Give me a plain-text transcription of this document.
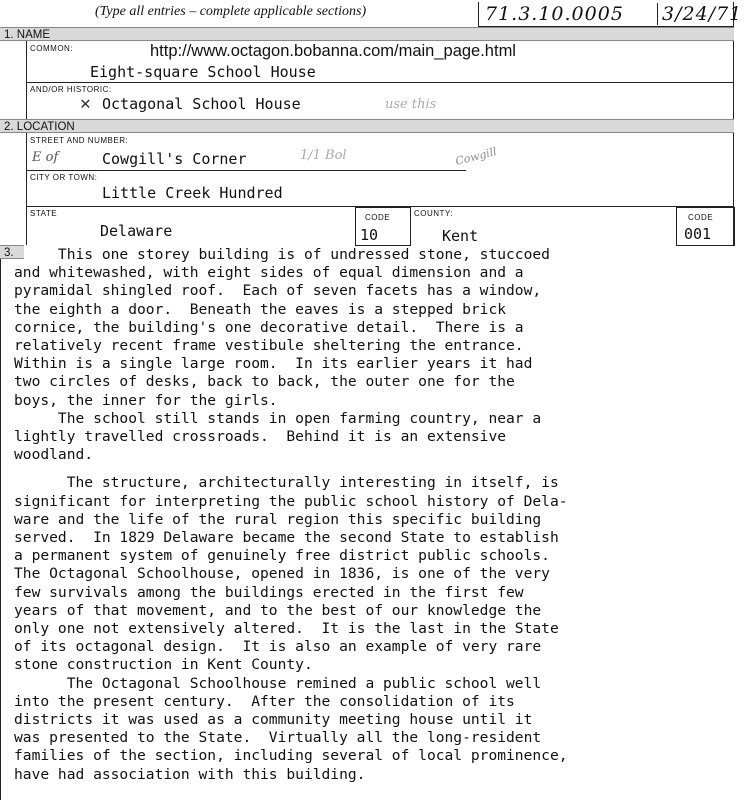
(Type all entries – complete applicable sections)	71.3.10.0005 3/24/71
1. NAME
COMMON:	http://www.octagon.bobanna.com/main_page.html
Eight-square School House
AND/OR HISTORIC:
✕ Octagonal School House	use this
2. LOCATION
STREET AND NUMBER:
E of	Cowgill's Corner	1/1 Bol	Cowgill
CITY OR TOWN:
Little Creek Hundred
STATE
Delaware
CODE
10
COUNTY:
Kent
CODE
001
3. This one storey building is of undressed stone, stuccoed

and whitewashed, with eight sides of equal dimension and a

pyramidal shingled roof.  Each of seven facets has a window,

the eighth a door.  Beneath the eaves is a stepped brick

cornice, the building's one decorative detail.  There is a

relatively recent frame vestibule sheltering the entrance.

Within is a single large room.  In its earlier years it had

two circles of desks, back to back, the outer one for the

boys, the inner for the girls.

The school still stands in open farming country, near a

lightly travelled crossroads.  Behind it is an extensive

woodland.

The structure, architecturally interesting in itself, is

significant for interpreting the public school history of Dela-

ware and the life of the rural region this specific building

served.  In 1829 Delaware became the second State to establish

a permanent system of genuinely free district public schools.

The Octagonal Schoolhouse, opened in 1836, is one of the very

few survivals among the buildings erected in the first few

years of that movement, and to the best of our knowledge the

only one not extensively altered.  It is the last in the State

of its octagonal design.  It is also an example of very rare

stone construction in Kent County.

The Octagonal Schoolhouse remined a public school well

into the present century.  After the consolidation of its

districts it was used as a community meeting house until it

was presented to the State.  Virtually all the long-resident

families of the section, including several of local prominence,

have had association with this building.
